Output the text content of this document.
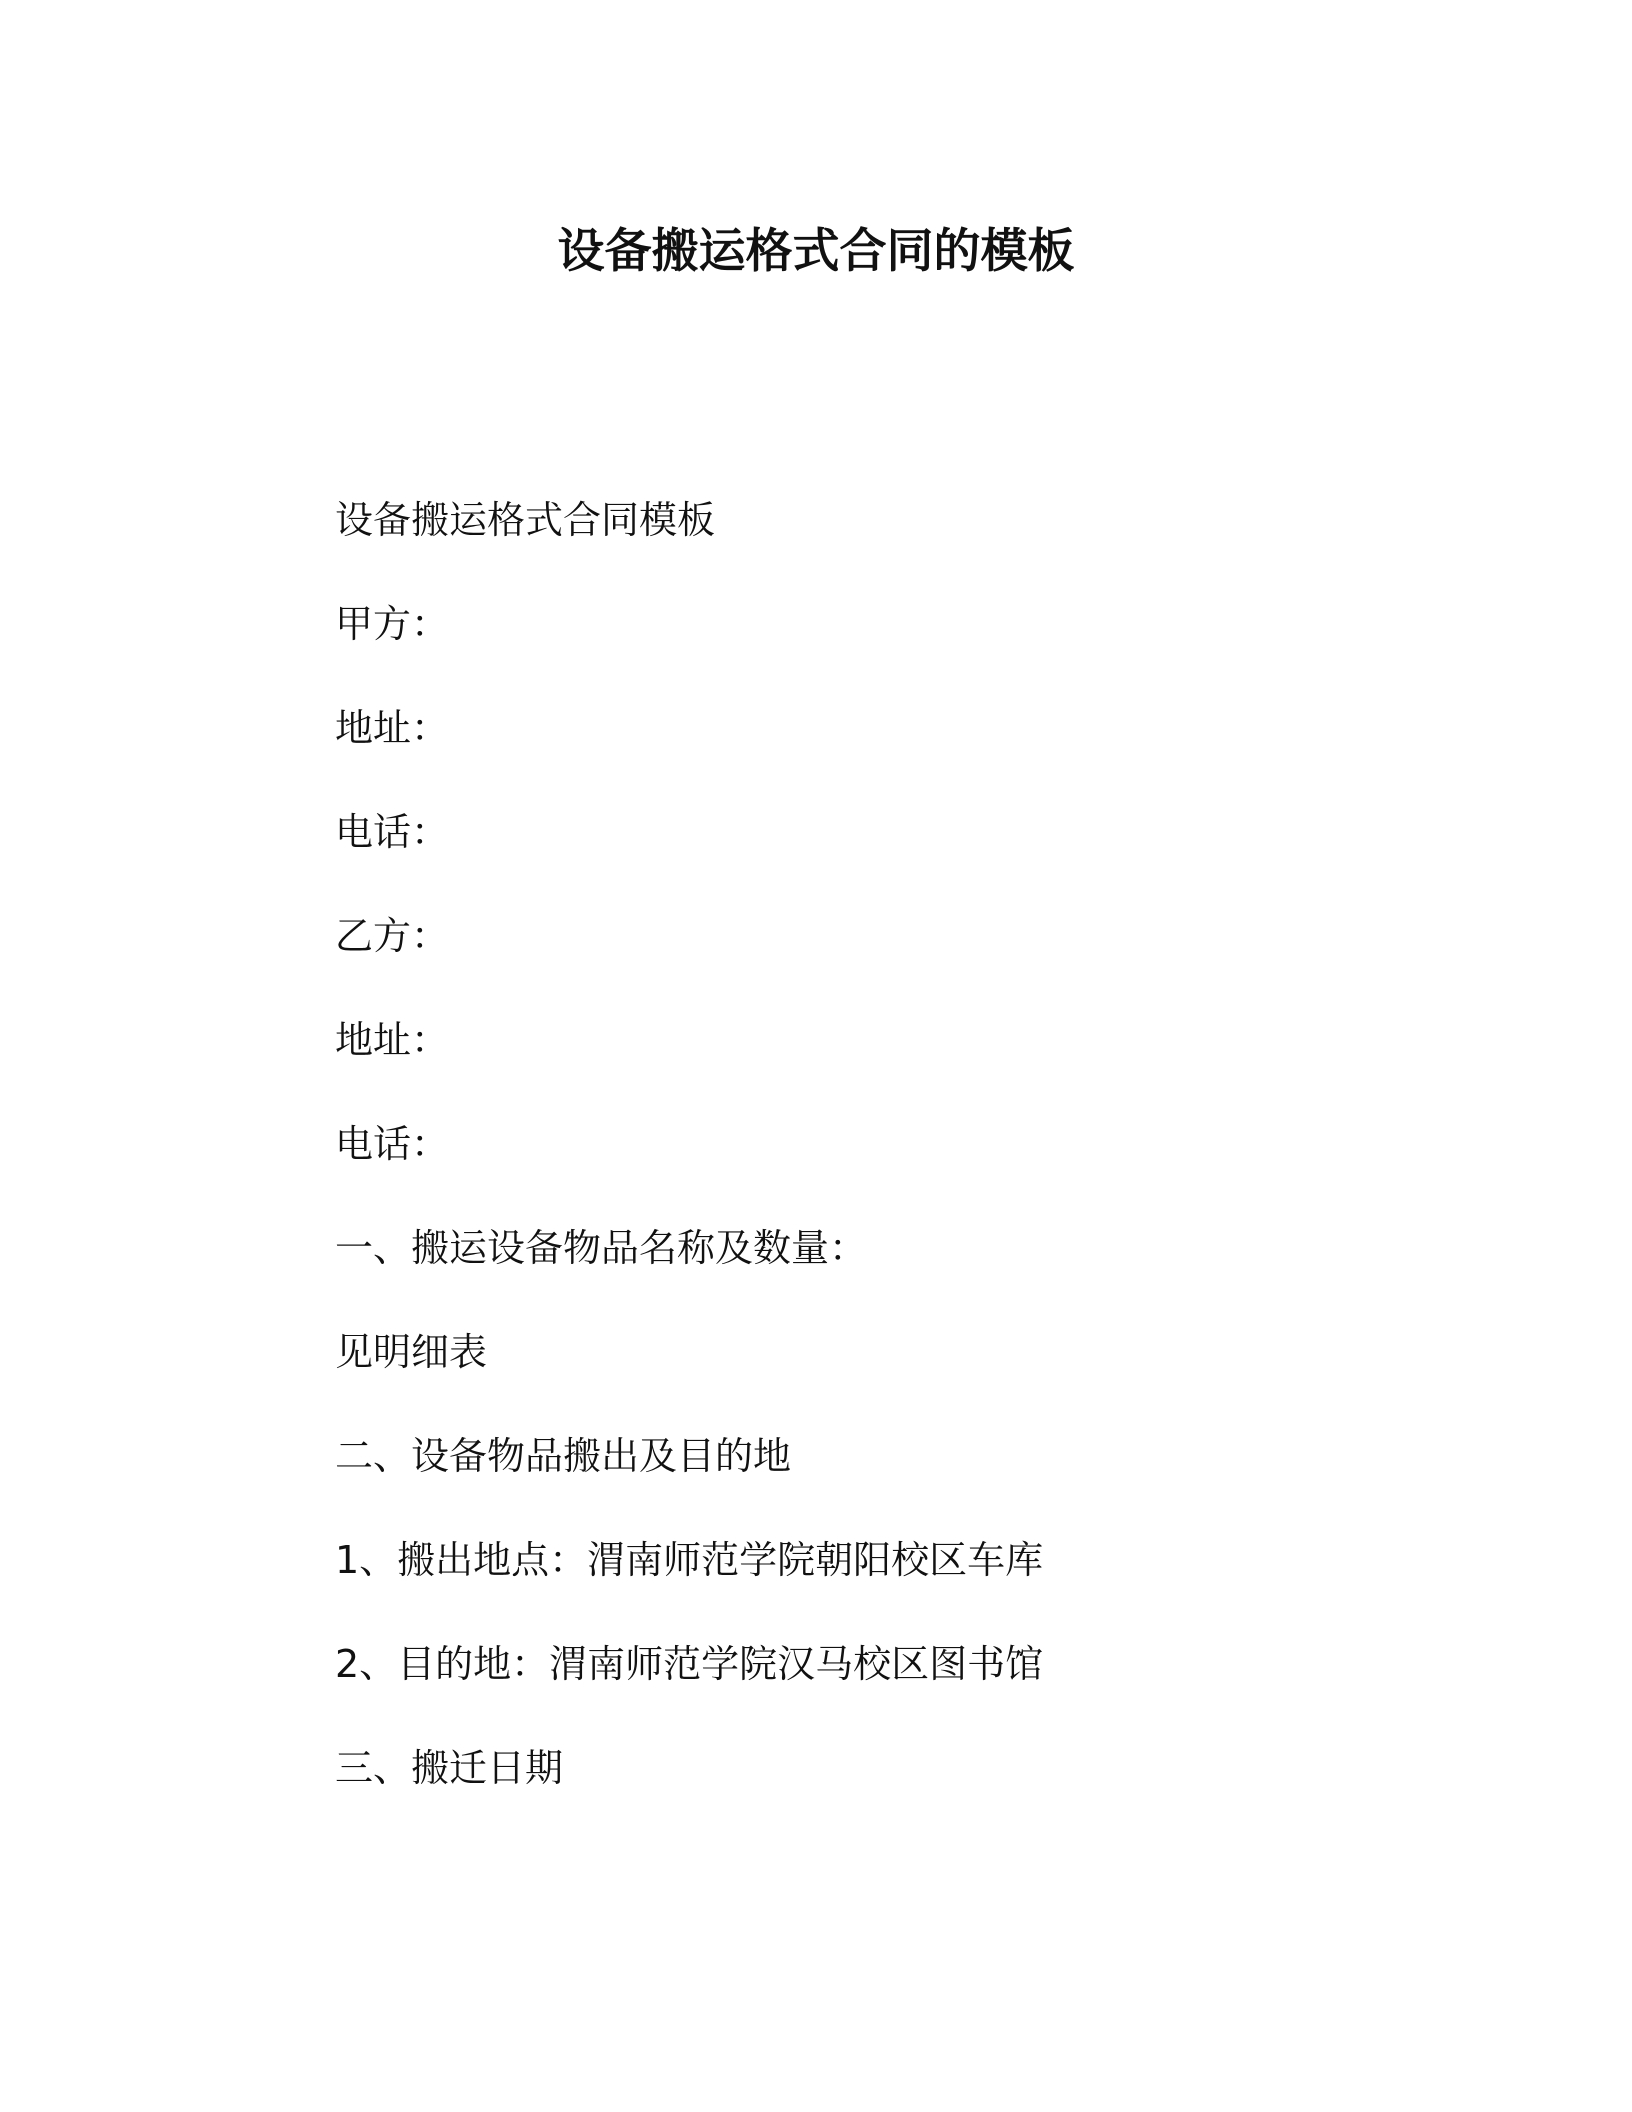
设备搬运格式合同的模板
设备搬运格式合同模板
甲方：
地址：
电话：
乙方：
地址：
电话：
一、搬运设备物品名称及数量：
见明细表
二、设备物品搬出及目的地
1、搬出地点：渭南师范学院朝阳校区车库
2、目的地：渭南师范学院汉马校区图书馆
三、搬迁日期
